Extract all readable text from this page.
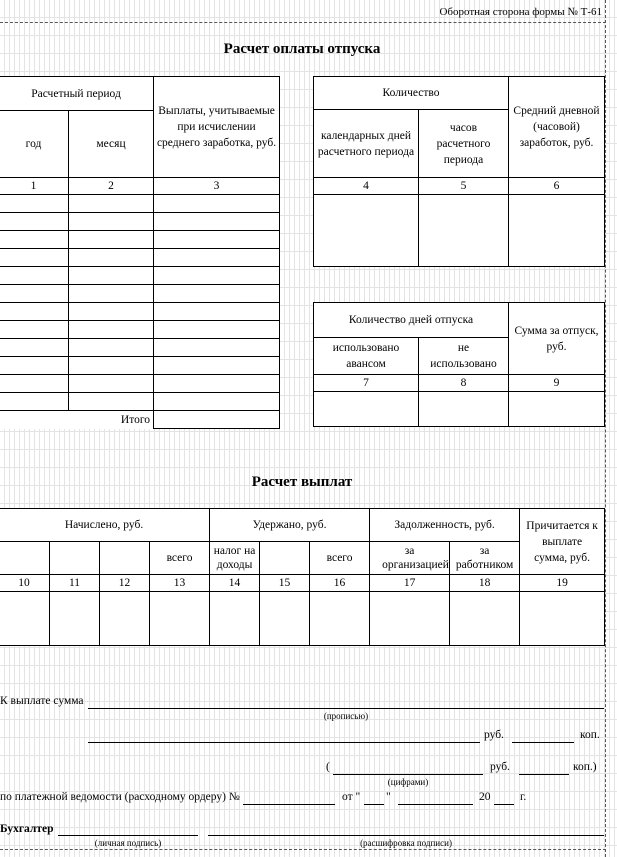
Оборотная сторона формы № Т-61
Расчет оплаты отпуска
Расчетный период		Выплаты, учитываемые при исчислении среднего заработка, руб.
год	месяц	
1	2	3

Итого		
Количество		Средний дневной (часовой) заработок, руб.
календарных дней расчетного периода	часов расчетного периода	
4	5	6

Количество дней отпуска		Сумма за отпуск, руб.
использовано авансом	не использовано	
7	8	9

Расчет выплат
Начислено, руб.				Удержано, руб.			Задолженность, руб.		Причитается к выплате сумма, руб.
			всего	налог на доходы		всего	за организацией	за работником	
10	11	12	13	14	15	16	17	18	19

К выплате сумма
(прописью)
руб.	коп.
(
(цифрами)
руб.	коп.)
по платежной ведомости (расходному ордеру) №	от " "	20	г.
Бухгалтер
(личная подпись)	(расшифровка подписи)
